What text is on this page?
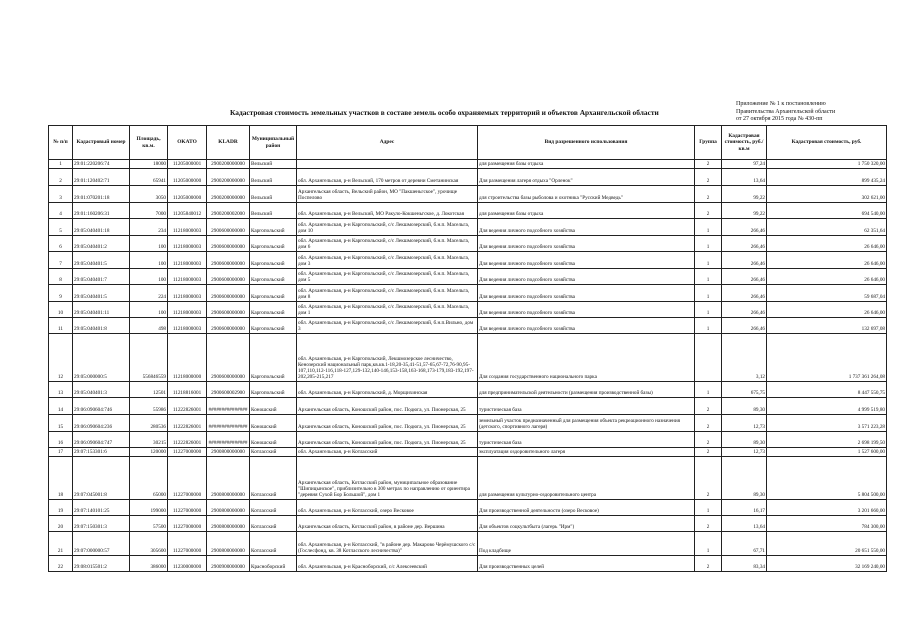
Приложение № 1 к постановлению
Правительства Архангельской области
от 27 октября 2015 года № 430-пп
Кадастровая стоимость земельных участков в составе земель особо охраняемых территорий и объектов Архангельской области
№ п/п	Кадастровый номер	Площадь, кв.м.	OKATO	KLADR	Муниципальный район	Адрес	Вид разрешенного использования	Группа	Кадастровая стоимость, руб./кв.м	Кадастровая стоимость, руб.
1	29:01:220206:74	18000	11205000001	2900200000000	Вельский		для размещения базы отдыха	2	97,24	1 750 320,00
2	29:01:120402:71	65941	11205000000	2900200000000	Вельский	обл. Архангельская, р-н Вельский, 170 метров от деревни Сметанинская	Для размещения лагеря отдыха "Орленок"	2	13,64	899 435,24
3	29:01:070201:18	3050	11205000000	2900200000000	Вельский	Архангельская область, Вельский район, МО "Пакшеньгское", урочище Поспелово	для строительства базы рыболова и охотника "Русский Медведь"	2	99,22	302 621,00
4	29:01:160206:31	7000	11205840012	2900200002000	Вельский	обл. Архангельская, р-н Вельский, МО Ракуло-Кокшеньгское, д. Локотская	для размещения базы отдыха	2	99,22	694 540,00
5	29:05:040401:18	234	11218000003	2900600000000	Каргопольский	обл. Архангельская, р-н Каргопольский, с/с Лекшмозерский, б.н.п. Масельга, дом 10	Для ведения личного подсобного хозяйства	1	266,46	62 351,64
6	29:05:040401:2	100	11218000003	2900600000000	Каргопольский	обл. Архангельская, р-н Каргопольский, с/с Лекшмозерский, б.н.п. Масельга, дом 6	Для ведения личного подсобного хозяйства	1	266,46	26 646,00
7	29:05:040401:5	100	11218000003	2900600000000	Каргопольский	обл. Архангельская, р-н Каргопольский, с/с Лекшмозерский, б.н.п. Масельга, дом 3	Для ведения личного подсобного хозяйства	1	266,46	26 646,00
8	29:05:040401:7	100	11218000003	2900600000000	Каргопольский	обл. Архангельская, р-н Каргопольский, с/с Лекшмозерский, б.н.п. Масельга, дом 5	Для ведения личного подсобного хозяйства	1	266,46	26 646,00
9	29:05:040401:5	224	11218000003	2900600000000	Каргопольский	обл. Архангельская, р-н Каргопольский, с/с Лекшмозерский, б.н.п. Масельга, дом 8	Для ведения личного подсобного хозяйства	1	266,46	59 687,04
10	29:05:040401:11	100	11218000003	2900600000000	Каргопольский	обл. Архангельская, р-н Каргопольский, с/с Лекшмозерский, б.н.п. Масельга, дом 1	Для ведения личного подсобного хозяйства	1	266,46	26 646,00
11	29:05:040401:8	498	11218000003	2900600000000	Каргопольский	обл. Архангельская, р-н Каргопольский, с/с Лекшмозерский, б.н.п.Вильно, дом 3	Для ведения личного подсобного хозяйства	1	266,46	132 697,08
12	29:05:000000:5	556846559	11218000000	2900600000000	Каргопольский	обл. Архангельская, р-н Каргопольский, Лекшмозерское лесничество, Кенозерский национальный парк,кв.кв.1-18,20-35,41-51,57-65,67-72,76-90,95-107,110,112-116,118-127,129-132,140-146,153-158,163-168,173-179,183-192,197-202,205-215,217	Для создания государственного национального парка		3,12	1 737 361 264,08
13	29:05:040401:3	12501	11218816001	2900600002900	Каргопольский	обл. Архангельская, р-н Каргопольский, д. Морщихинская	для предпринимательской деятельности (размещения производственной базы)	1	675,75	8 447 550,75
14	29:06:090604:746	55986	11222826001	###############	Коношский	Архангельская область, Коношский район, пос. Подюга, ул. Пионерская, 25	туристическая база	2	89,30	4 999 519,80
15	29:06:090604:236	280536	11222826001	###############	Коношский	Архангельская область, Коношский район, пос. Подюга, ул. Пионерская, 25	земельный участок предназначенный для размещения объекта рекреационного назначения (детского, спортивного лагеря)	2	12,73	3 571 223,28
16	29:06:090604:747	30215	11222826001	###############	Коношский	Архангельская область, Коношский район, пос. Подюга, ул. Пионерская, 25	туристическая база	2	89,30	2 698 199,50
17	29:07:153301:6	120000	11227000000	2900800000000	Котласский	обл. Архангельская, р-н Котласский	эксплуатация оздоровительного лагеря	2	12,73	1 527 600,00
18	29:07:045001:8	65000	11227000000	2900800000000	Котласский	Архангельская область, Котласский район, муниципальное образование "Шипицынское", приблизительно в 300 метрах по направлению от ориентира "деревня Сухой Бор Большой", дом 1	для размещения культурно-оздоровительного центра	2	89,30	5 804 500,00
19	29:07:140101:25	199000	11227000000	2900800000000	Котласский	обл. Архангельская, р-н Котласский, озеро Весковое	Для производственной деятельности (озеро Весковое)	1	16,17	3 201 660,00
20	29:07:150301:3	57500	11227000000	2900800000000	Котласский	Архангельская область, Котласский район, в районе дер. Вершина	Для объектов соцкультбыта (лагерь "Ирм")	2	13,64	784 300,00
21	29:07:000000:57	305600	11227000000	2900800000000	Котласский	обл. Архангельская, р-н Котласский, "в районе дер. Макарово Черёмушского с/с (Гослесфонд, кв. 38 Котласского лесничества)"	Под кладбище	1	67,71	20 651 550,00
22	29:08:015501:2	386000	11230000000	2900900000000	Красноборский	обл. Архангельская, р-н Красноборский, с/с Алексеевский	Для производственных целей	2	83,34	32 169 240,00
